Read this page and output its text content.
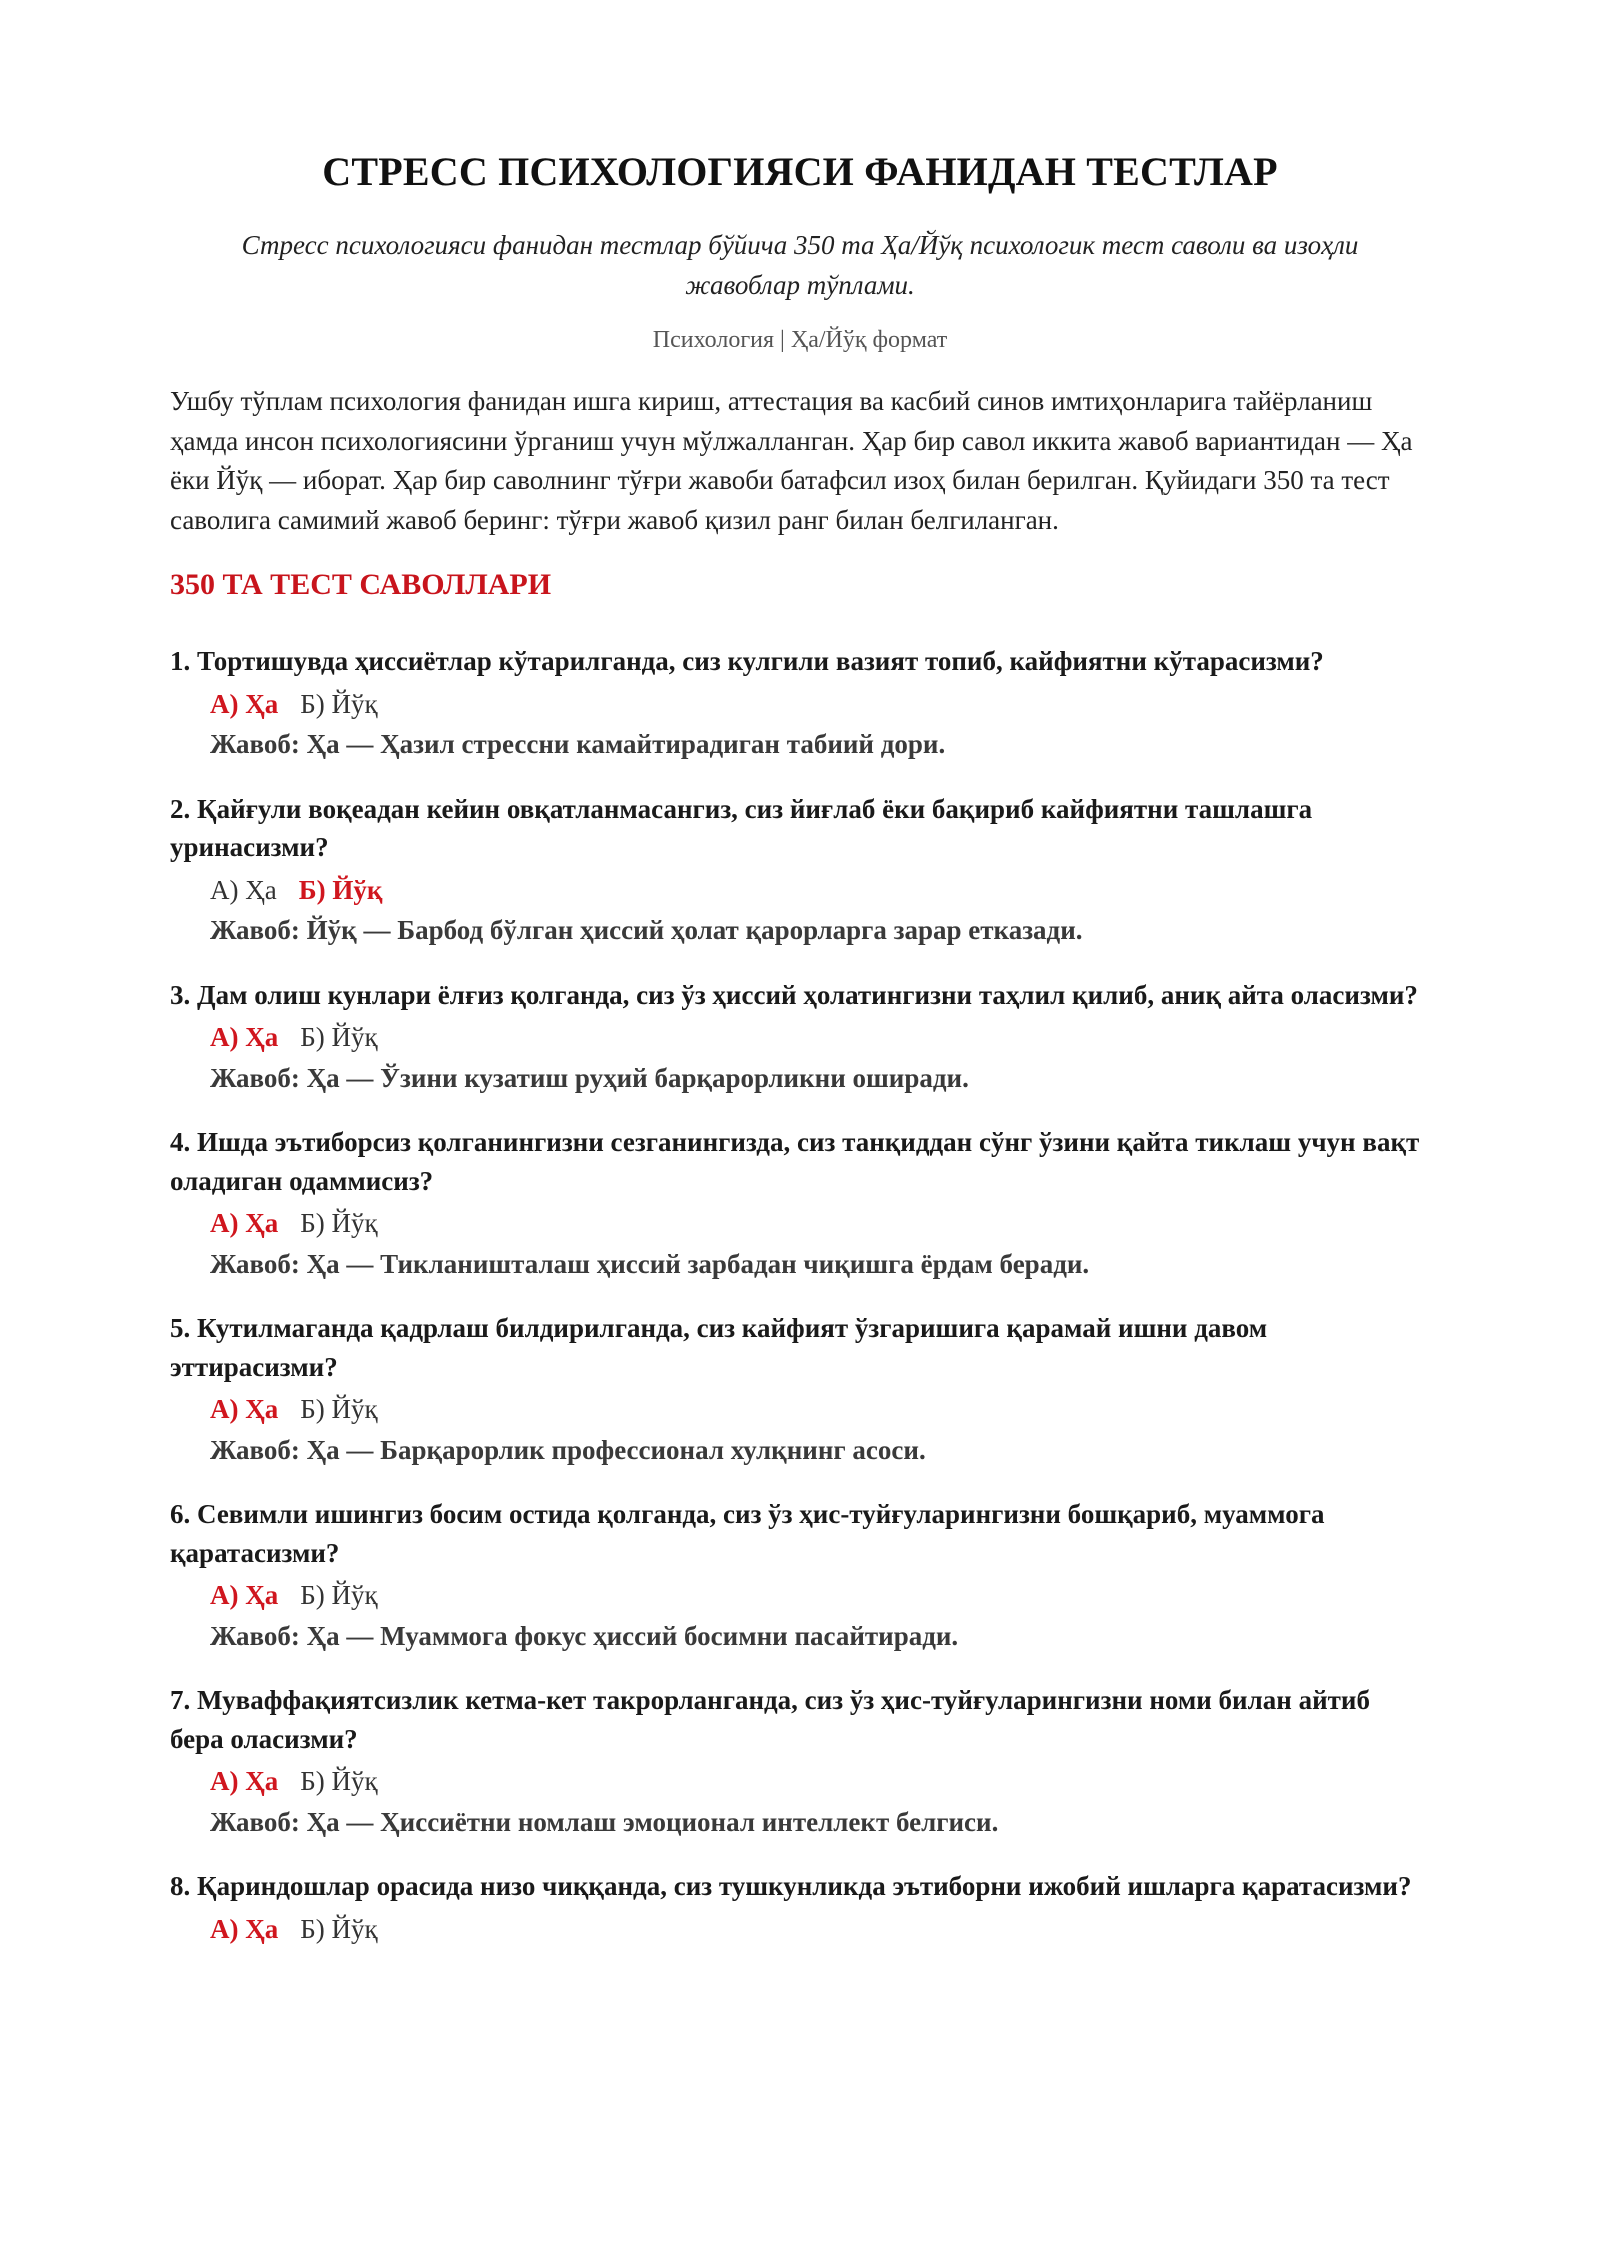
СТРЕСС ПСИХОЛОГИЯСИ ФАНИДАН ТЕСТЛАР
Стресс психологияси фанидан тестлар бўйича 350 та Ҳа/Йўқ психологик тест саволи ва изоҳли жавоблар тўплами.
Психология | Ҳа/Йўқ формат
Ушбу тўплам психология фанидан ишга кириш, аттестация ва касбий синов имтиҳонларига тайёрланиш ҳамда инсон психологиясини ўрганиш учун мўлжалланган. Ҳар бир савол иккита жавоб вариантидан — Ҳа ёки Йўқ — иборат. Ҳар бир саволнинг тўғри жавоби батафсил изоҳ билан берилган. Қуйидаги 350 та тест саволига самимий жавоб беринг: тўғри жавоб қизил ранг билан белгиланган.
350 ТА ТЕСТ САВОЛЛАРИ

1. Тортишувда ҳиссиётлар кўтарилганда, сиз кулгили вазият топиб, кайфиятни кўтарасизми?

А) Ҳа Б) Йўқ
Жавоб: Ҳа — Ҳазил стрессни камайтирадиган табиий дори.

2. Қайғули воқеадан кейин овқатланмасангиз, сиз йиғлаб ёки бақириб кайфиятни ташлашга уринасизми?

А) Ҳа Б) Йўқ
Жавоб: Йўқ — Барбод бўлган ҳиссий ҳолат қарорларга зарар етказади.

3. Дам олиш кунлари ёлғиз қолганда, сиз ўз ҳиссий ҳолатингизни таҳлил қилиб, аниқ айта оласизми?

А) Ҳа Б) Йўқ
Жавоб: Ҳа — Ўзини кузатиш руҳий барқарорликни оширади.

4. Ишда эътиборсиз қолганингизни сезганингизда, сиз танқиддан сўнг ўзини қайта тиклаш учун вақт оладиган одаммисиз?

А) Ҳа Б) Йўқ
Жавоб: Ҳа — Тикланишталаш ҳиссий зарбадан чиқишга ёрдам беради.

5. Кутилмаганда қадрлаш билдирилганда, сиз кайфият ўзгаришига қарамай ишни давом эттирасизми?

А) Ҳа Б) Йўқ
Жавоб: Ҳа — Барқарорлик профессионал хулқнинг асоси.

6. Севимли ишингиз босим остида қолганда, сиз ўз ҳис-туйғуларингизни бошқариб, муаммога қаратасизми?

А) Ҳа Б) Йўқ
Жавоб: Ҳа — Муаммога фокус ҳиссий босимни пасайтиради.

7. Муваффақиятсизлик кетма-кет такрорланганда, сиз ўз ҳис-туйғуларингизни номи билан айтиб бера оласизми?

А) Ҳа Б) Йўқ
Жавоб: Ҳа — Ҳиссиётни номлаш эмоционал интеллект белгиси.

8. Қариндошлар орасида низо чиққанда, сиз тушкунликда эътиборни ижобий ишларга қаратасизми?

А) Ҳа Б) Йўқ
